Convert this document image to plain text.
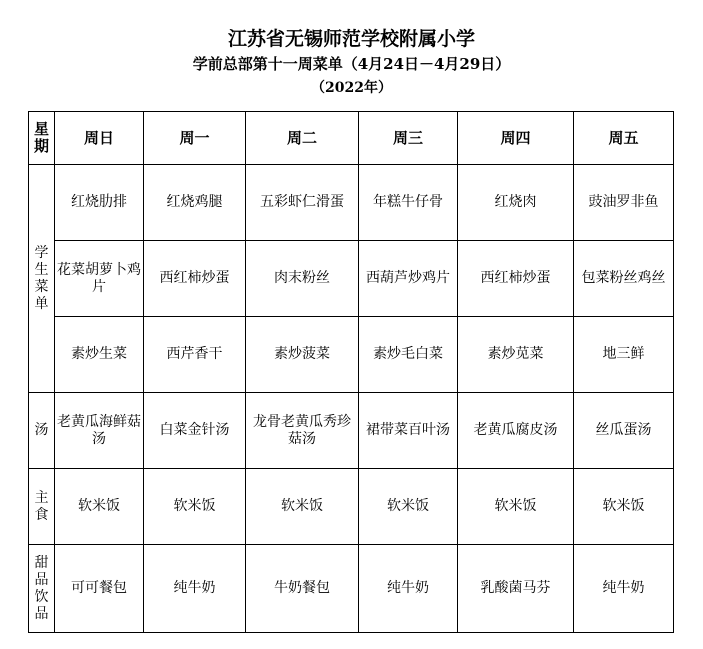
江苏省无锡师范学校附属小学
学前总部第十一周菜单（4月24日－4月29日）
（2022年）
星
期	周日	周一	周二	周三	周四	周五

学
生
菜
单	红烧肋排	红烧鸡腿	五彩虾仁滑蛋	年糕牛仔骨	红烧肉	豉油罗非鱼
	花菜胡萝卜鸡片	西红柿炒蛋	肉末粉丝	西葫芦炒鸡片	西红柿炒蛋	包菜粉丝鸡丝
	素炒生菜	西芹香干	素炒菠菜	素炒毛白菜	素炒苋菜	地三鲜

汤	老黄瓜海鲜菇汤	白菜金针汤	龙骨老黄瓜秀珍菇汤	裙带菜百叶汤	老黄瓜腐皮汤	丝瓜蛋汤

主
食	软米饭	软米饭	软米饭	软米饭	软米饭	软米饭

甜
品
饮
品	可可餐包	纯牛奶	牛奶餐包	纯牛奶	乳酸菌马芬	纯牛奶
